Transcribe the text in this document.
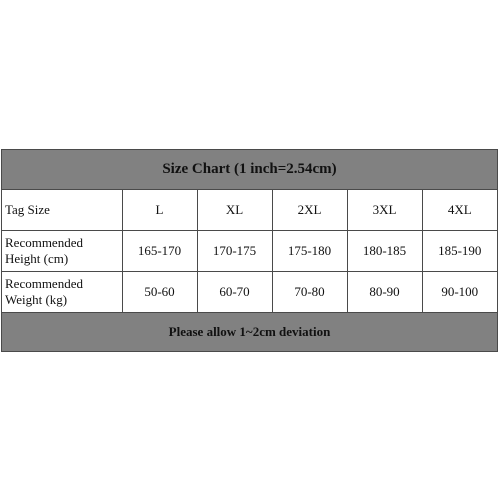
Size Chart (1 inch=2.54cm)
Tag Size	L	XL	2XL	3XL	4XL

Recommended
Height (cm)	165-170	170-175	175-180	180-185	185-190

Recommended
Weight (kg)	50-60	60-70	70-80	80-90	90-100
Please allow 1~2cm deviation
